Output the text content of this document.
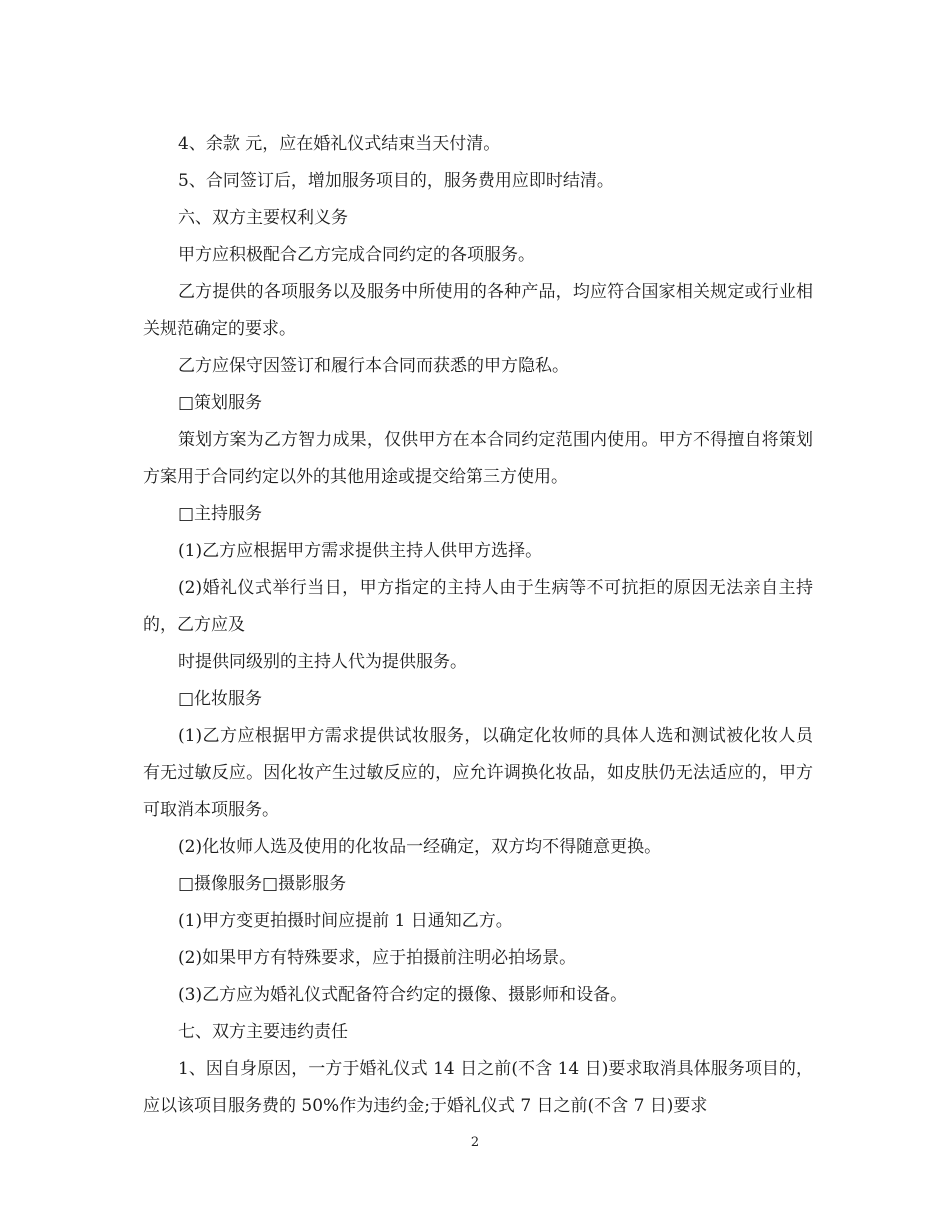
4、余款 元，应在婚礼仪式结束当天付清。

5、合同签订后，增加服务项目的，服务费用应即时结清。

六、双方主要权利义务

甲方应积极配合乙方完成合同约定的各项服务。

乙方提供的各项服务以及服务中所使用的各种产品，均应符合国家相关规定或行业相关规范确定的要求。

乙方应保守因签订和履行本合同而获悉的甲方隐私。

□策划服务

策划方案为乙方智力成果，仅供甲方在本合同约定范围内使用。甲方不得擅自将策划方案用于合同约定以外的其他用途或提交给第三方使用。

□主持服务

(1)乙方应根据甲方需求提供主持人供甲方选择。

(2)婚礼仪式举行当日，甲方指定的主持人由于生病等不可抗拒的原因无法亲自主持的，乙方应及

时提供同级别的主持人代为提供服务。

□化妆服务

(1)乙方应根据甲方需求提供试妆服务，以确定化妆师的具体人选和测试被化妆人员有无过敏反应。因化妆产生过敏反应的，应允许调换化妆品，如皮肤仍无法适应的，甲方可取消本项服务。

(2)化妆师人选及使用的化妆品一经确定，双方均不得随意更换。

□摄像服务□摄影服务

(1)甲方变更拍摄时间应提前 1 日通知乙方。

(2)如果甲方有特殊要求，应于拍摄前注明必拍场景。

(3)乙方应为婚礼仪式配备符合约定的摄像、摄影师和设备。

七、双方主要违约责任

1、因自身原因，一方于婚礼仪式 14 日之前(不含 14 日)要求取消具体服务项目的，应以该项目服务费的 50%作为违约金;于婚礼仪式 7 日之前(不含 7 日)要求

2
